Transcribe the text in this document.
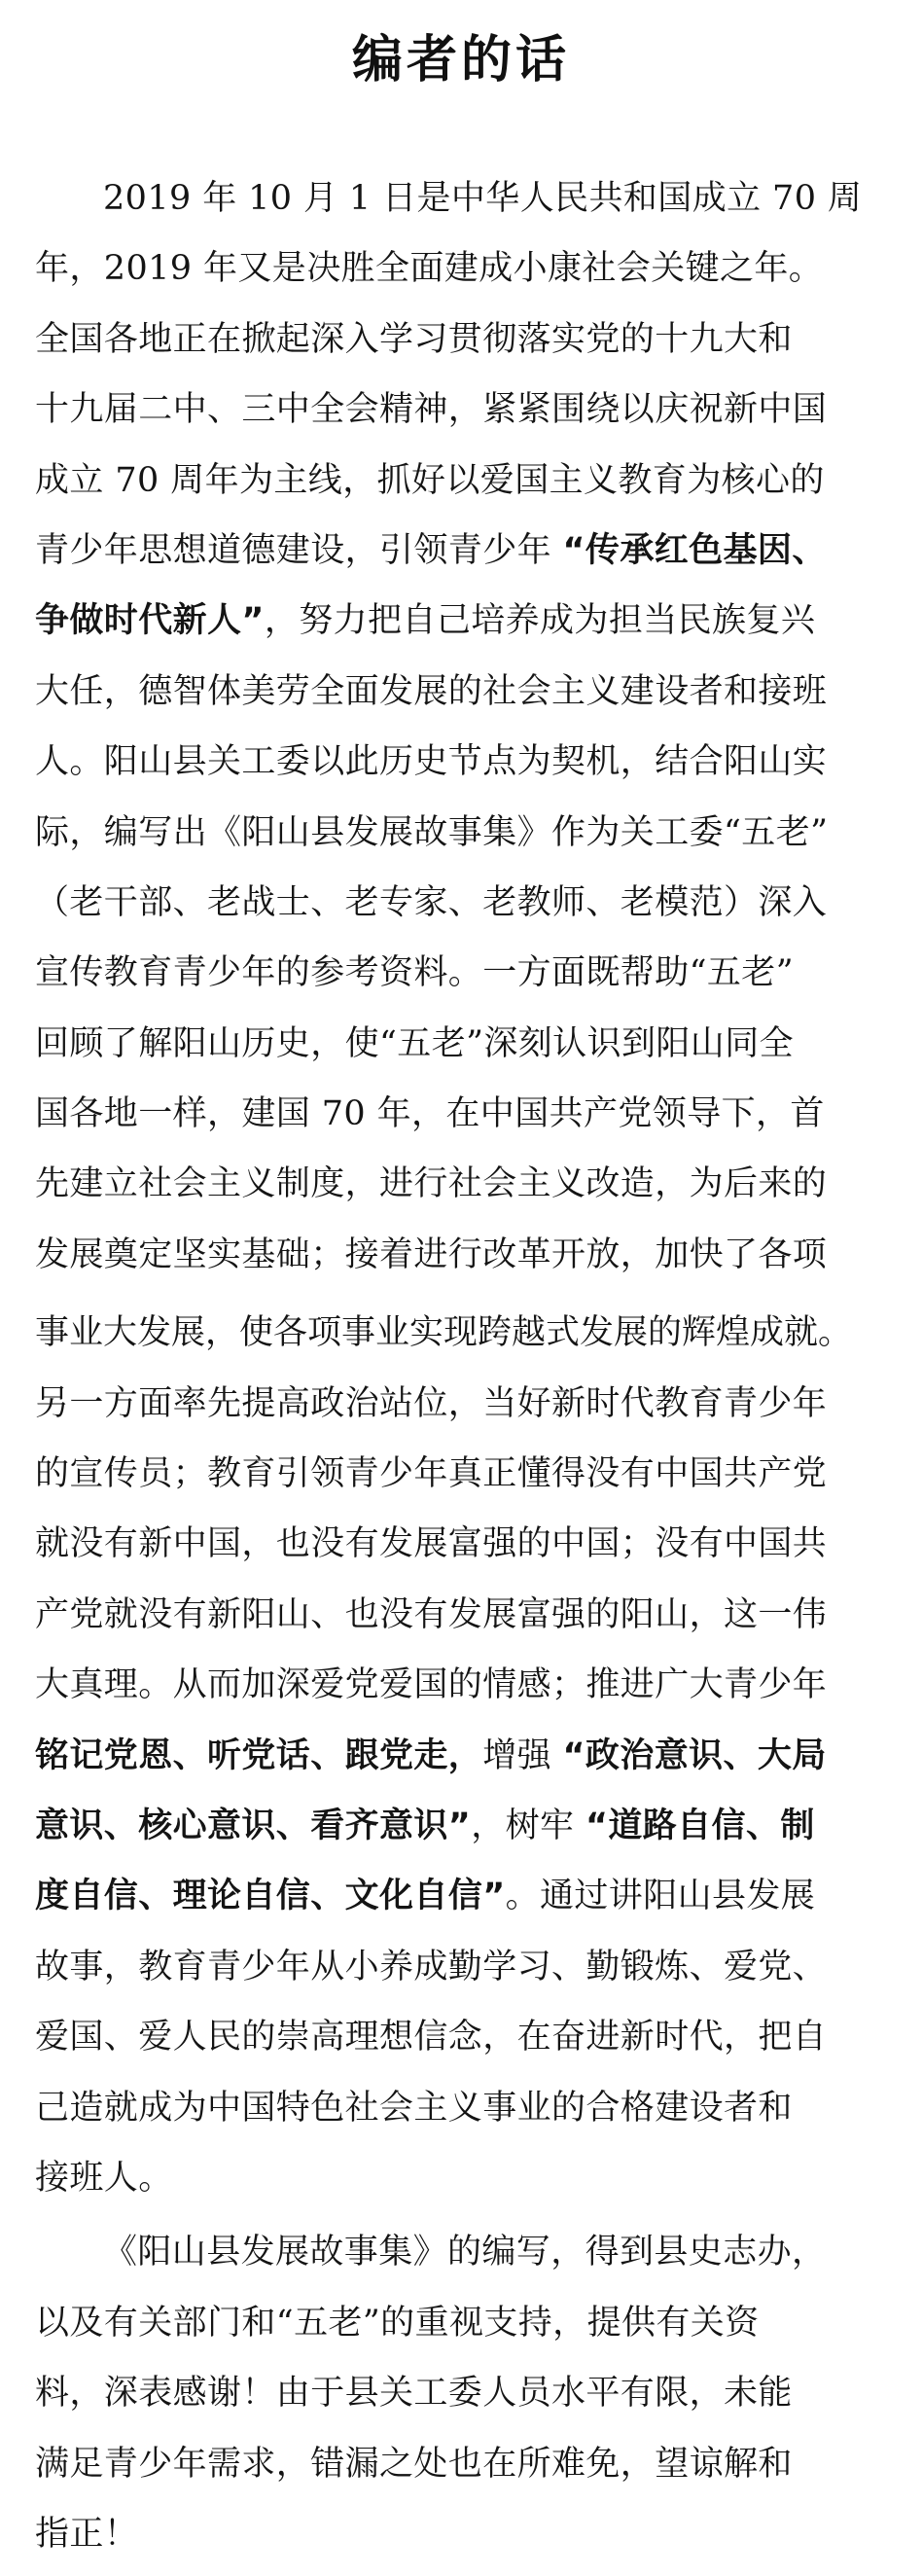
编者的话
2019 年 10 月 1 日是中华人民共和国成立 70 周
年，2019 年又是决胜全面建成小康社会关键之年。
全国各地正在掀起深入学习贯彻落实党的十九大和
十九届二中、三中全会精神，紧紧围绕以庆祝新中国
成立 70 周年为主线，抓好以爱国主义教育为核心的
青少年思想道德建设，引领青少年 “传承红色基因、
争做时代新人”，努力把自己培养成为担当民族复兴
大任，德智体美劳全面发展的社会主义建设者和接班
人。阳山县关工委以此历史节点为契机，结合阳山实
际，编写出《阳山县发展故事集》作为关工委“五老”
（老干部、老战士、老专家、老教师、老模范）深入
宣传教育青少年的参考资料。一方面既帮助“五老”
回顾了解阳山历史，使“五老”深刻认识到阳山同全
国各地一样，建国 70 年，在中国共产党领导下，首
先建立社会主义制度，进行社会主义改造，为后来的
发展奠定坚实基础；接着进行改革开放，加快了各项
事业大发展，使各项事业实现跨越式发展的辉煌成就。
另一方面率先提高政治站位，当好新时代教育青少年
的宣传员；教育引领青少年真正懂得没有中国共产党
就没有新中国，也没有发展富强的中国；没有中国共
产党就没有新阳山、也没有发展富强的阳山，这一伟
大真理。从而加深爱党爱国的情感；推进广大青少年
铭记党恩、听党话、跟党走，增强 “政治意识、大局
意识、核心意识、看齐意识”，树牢 “道路自信、制
度自信、理论自信、文化自信”。通过讲阳山县发展
故事，教育青少年从小养成勤学习、勤锻炼、爱党、
爱国、爱人民的崇高理想信念，在奋进新时代，把自
己造就成为中国特色社会主义事业的合格建设者和
接班人。
《阳山县发展故事集》的编写，得到县史志办，
以及有关部门和“五老”的重视支持，提供有关资
料，深表感谢！由于县关工委人员水平有限，未能
满足青少年需求，错漏之处也在所难免，望谅解和
指正！
